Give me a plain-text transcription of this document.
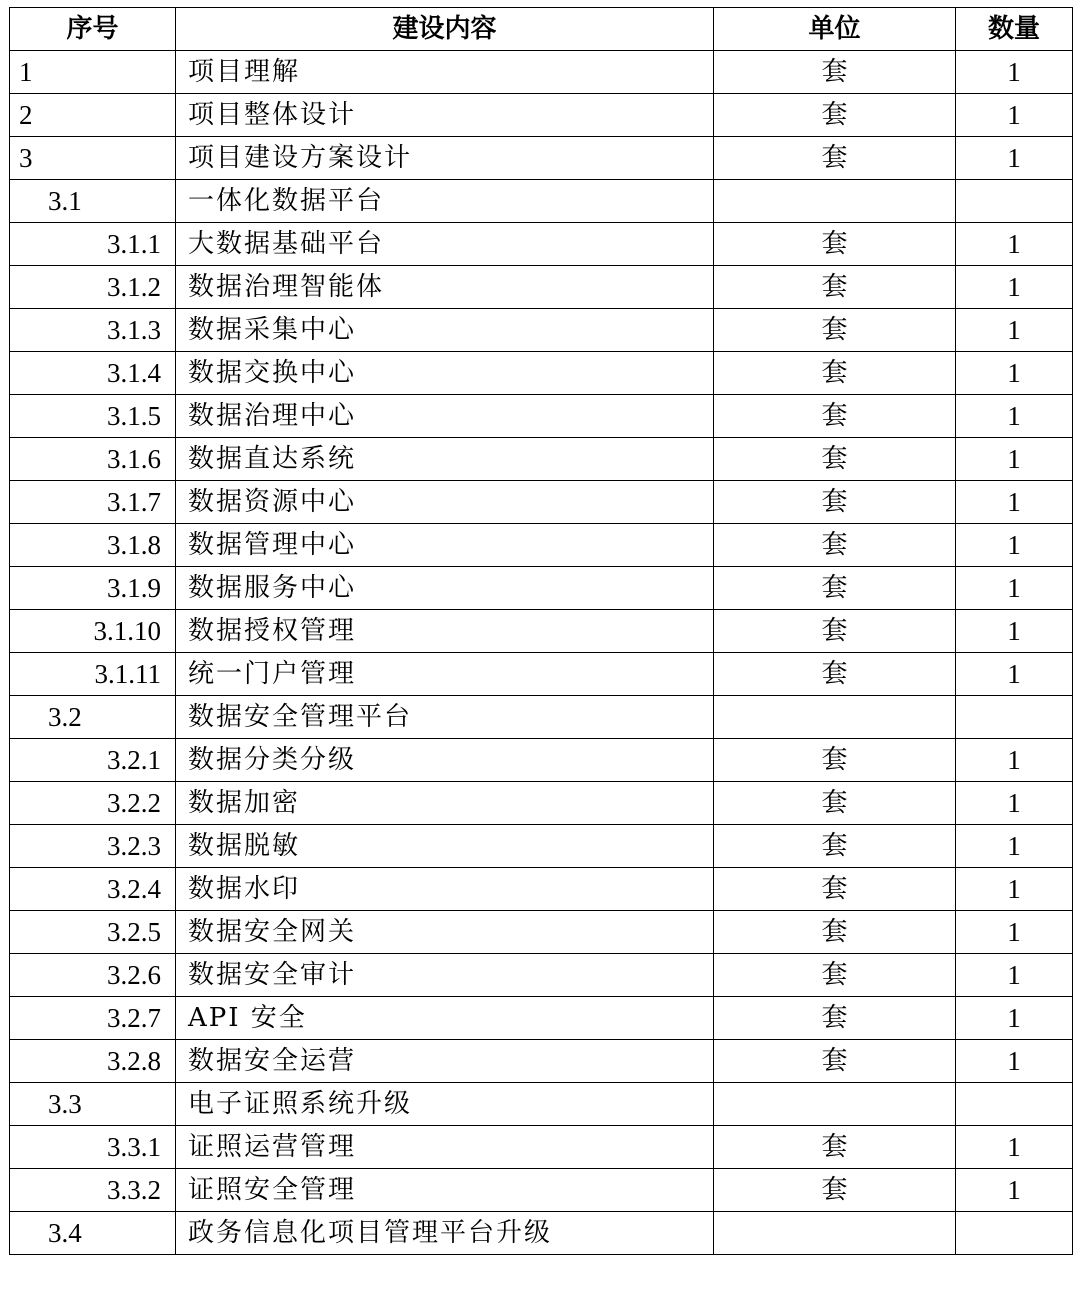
序号	建设内容	单位	数量
1	项目理解	套	1
2	项目整体设计	套	1
3	项目建设方案设计	套	1
3.1	一体化数据平台		
3.1.1	大数据基础平台	套	1
3.1.2	数据治理智能体	套	1
3.1.3	数据采集中心	套	1
3.1.4	数据交换中心	套	1
3.1.5	数据治理中心	套	1
3.1.6	数据直达系统	套	1
3.1.7	数据资源中心	套	1
3.1.8	数据管理中心	套	1
3.1.9	数据服务中心	套	1
3.1.10	数据授权管理	套	1
3.1.11	统一门户管理	套	1
3.2	数据安全管理平台		
3.2.1	数据分类分级	套	1
3.2.2	数据加密	套	1
3.2.3	数据脱敏	套	1
3.2.4	数据水印	套	1
3.2.5	数据安全网关	套	1
3.2.6	数据安全审计	套	1
3.2.7	API 安全	套	1
3.2.8	数据安全运营	套	1
3.3	电子证照系统升级		
3.3.1	证照运营管理	套	1
3.3.2	证照安全管理	套	1
3.4	政务信息化项目管理平台升级		
